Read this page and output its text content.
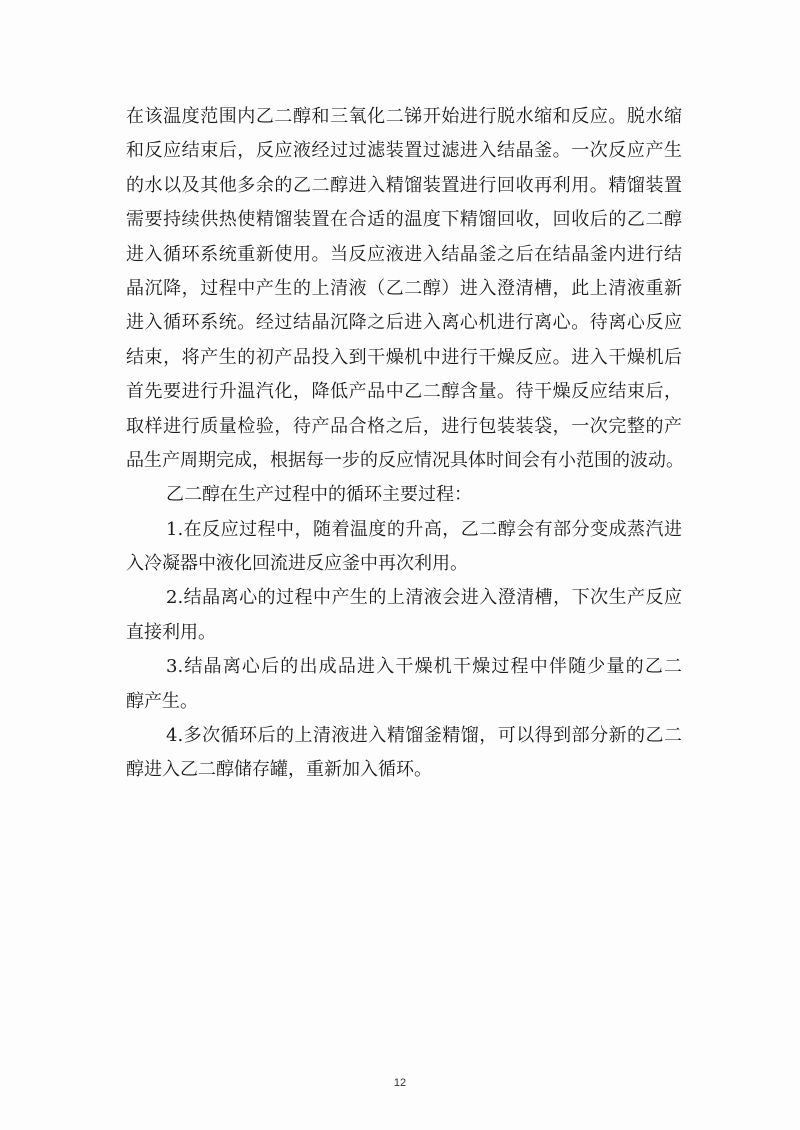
在该温度范围内乙二醇和三氧化二锑开始进行脱水缩和反应。脱水缩
和反应结束后，反应液经过过滤装置过滤进入结晶釜。一次反应产生
的水以及其他多余的乙二醇进入精馏装置进行回收再利用。精馏装置
需要持续供热使精馏装置在合适的温度下精馏回收，回收后的乙二醇
进入循环系统重新使用。当反应液进入结晶釜之后在结晶釜内进行结
晶沉降，过程中产生的上清液（乙二醇）进入澄清槽，此上清液重新
进入循环系统。经过结晶沉降之后进入离心机进行离心。待离心反应
结束，将产生的初产品投入到干燥机中进行干燥反应。进入干燥机后
首先要进行升温汽化，降低产品中乙二醇含量。待干燥反应结束后，
取样进行质量检验，待产品合格之后，进行包装装袋，一次完整的产
品生产周期完成，根据每一步的反应情况具体时间会有小范围的波动。
乙二醇在生产过程中的循环主要过程：
1.在反应过程中，随着温度的升高，乙二醇会有部分变成蒸汽进
入冷凝器中液化回流进反应釜中再次利用。
2.结晶离心的过程中产生的上清液会进入澄清槽，下次生产反应
直接利用。
3.结晶离心后的出成品进入干燥机干燥过程中伴随少量的乙二
醇产生。
4.多次循环后的上清液进入精馏釜精馏，可以得到部分新的乙二
醇进入乙二醇储存罐，重新加入循环。
12
